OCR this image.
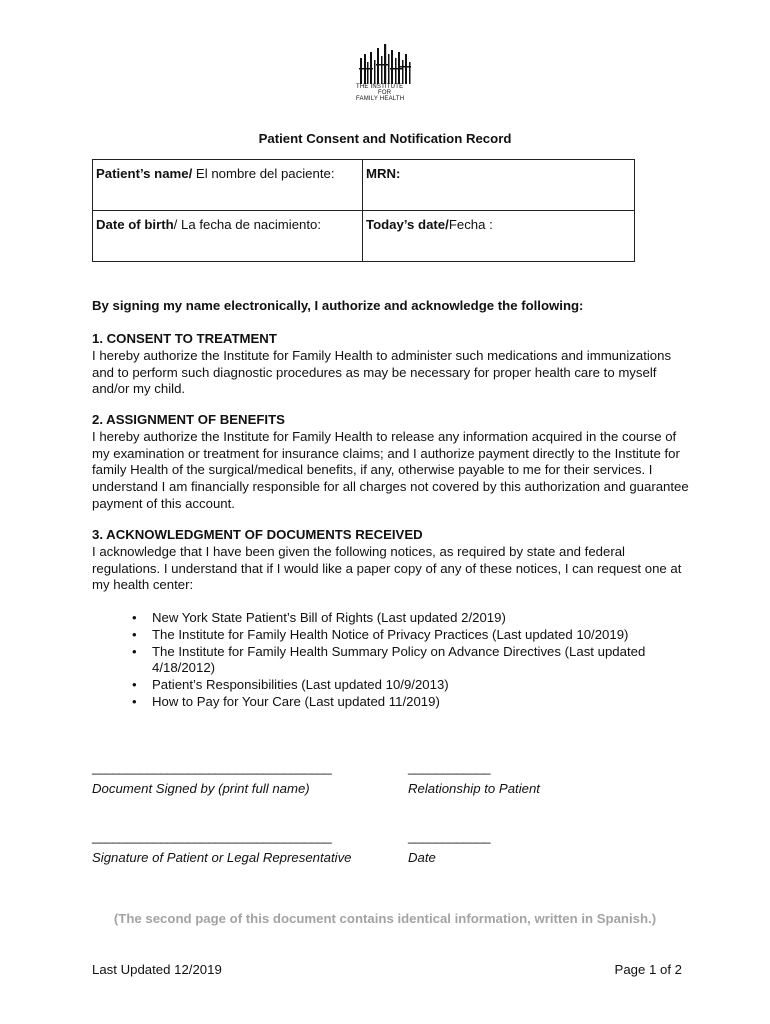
THE INSTITUTE
FOR
FAMILY HEALTH
Patient Consent and Notification Record
Patient’s name/ El nombre del paciente:	MRN:
Date of birth/ La fecha de nacimiento:	Today’s date/Fecha :
By signing my name electronically, I authorize and acknowledge the following:
1. CONSENT TO TREATMENT
I hereby authorize the Institute for Family Health to administer such medications and immunizations and to perform such diagnostic procedures as may be necessary for proper health care to myself and/or my child.
2. ASSIGNMENT OF BENEFITS
I hereby authorize the Institute for Family Health to release any information acquired in the course of my examination or treatment for insurance claims; and I authorize payment directly to the Institute for family Health of the surgical/medical benefits, if any, otherwise payable to me for their services. I understand I am financially responsible for all charges not covered by this authorization and guarantee payment of this account.
3. ACKNOWLEDGMENT OF DOCUMENTS RECEIVED
I acknowledge that I have been given the following notices, as required by state and federal regulations. I understand that if I would like a paper copy of any of these notices, I can request one at my health center:
• New York State Patient’s Bill of Rights (Last updated 2/2019)
• The Institute for Family Health Notice of Privacy Practices (Last updated 10/2019)
• The Institute for Family Health Summary Policy on Advance Directives (Last updated 4/18/2012)
• Patient’s Responsibilities (Last updated 10/9/2013)
• How to Pay for Your Care (Last updated 11/2019)
___________________________________	____________
Document Signed by (print full name)	Relationship to Patient
___________________________________	____________
Signature of Patient or Legal Representative	Date
(The second page of this document contains identical information, written in Spanish.)
Last Updated 12/2019	Page 1 of 2
